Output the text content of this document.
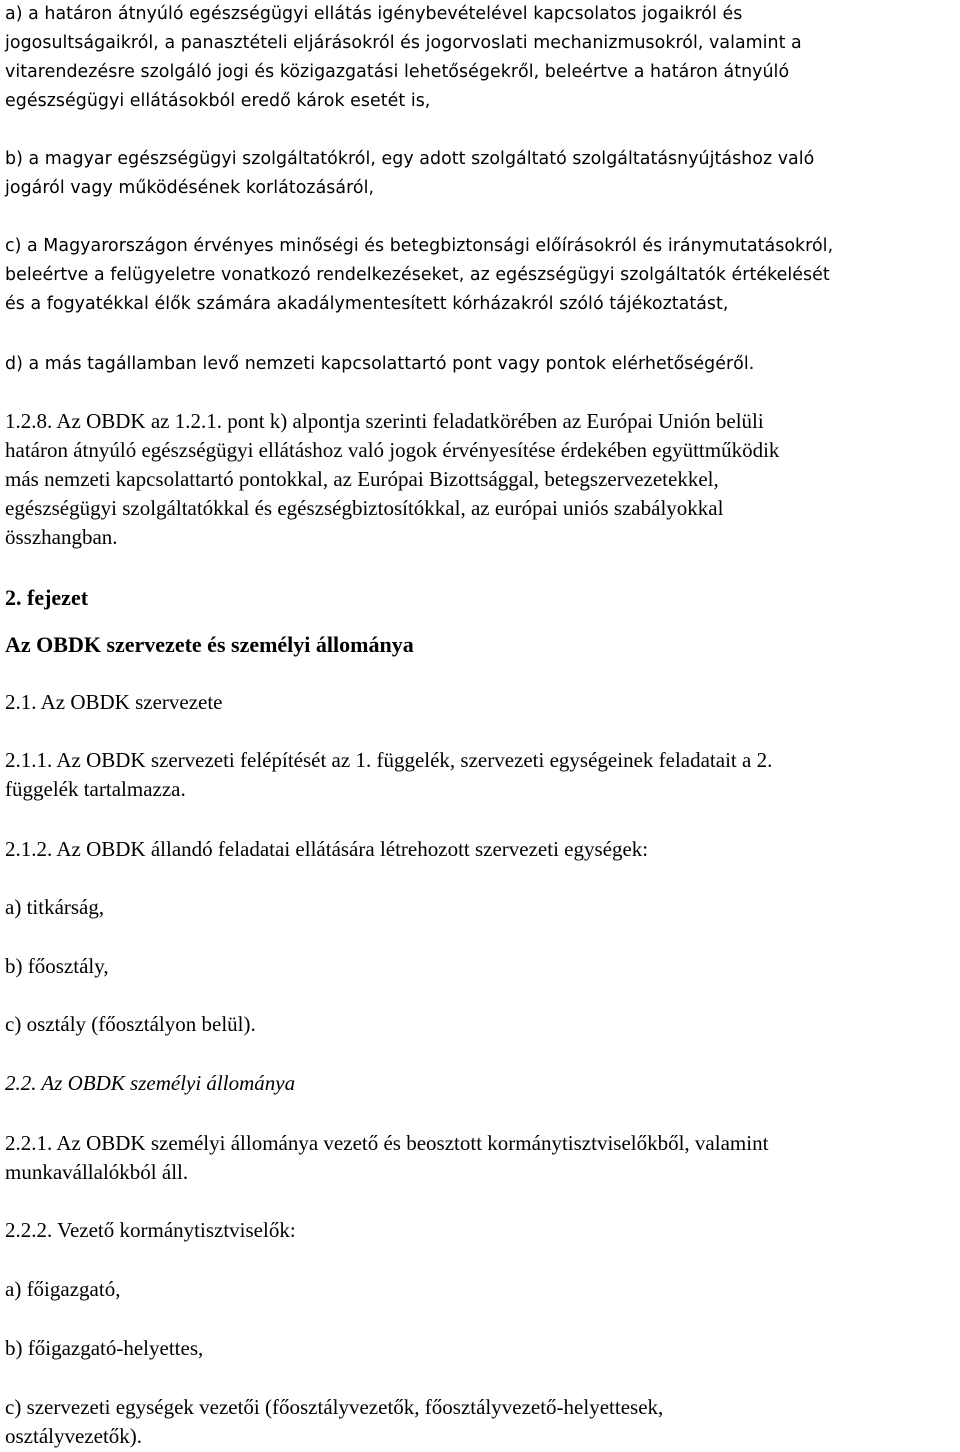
a) a határon átnyúló egészségügyi ellátás igénybevételével kapcsolatos jogaikról és
jogosultságaikról, a panasztételi eljárásokról és jogorvoslati mechanizmusokról, valamint a
vitarendezésre szolgáló jogi és közigazgatási lehetőségekről, beleértve a határon átnyúló
egészségügyi ellátásokból eredő károk esetét is,

b) a magyar egészségügyi szolgáltatókról, egy adott szolgáltató szolgáltatásnyújtáshoz való
jogáról vagy működésének korlátozásáról,

c) a Magyarországon érvényes minőségi és betegbiztonsági előírásokról és iránymutatásokról,
beleértve a felügyeletre vonatkozó rendelkezéseket, az egészségügyi szolgáltatók értékelését
és a fogyatékkal élők számára akadálymentesített kórházakról szóló tájékoztatást,

d) a más tagállamban levő nemzeti kapcsolattartó pont vagy pontok elérhetőségéről.

1.2.8. Az OBDK az 1.2.1. pont k) alpontja szerinti feladatkörében az Európai Unión belüli
határon átnyúló egészségügyi ellátáshoz való jogok érvényesítése érdekében együttműködik
más nemzeti kapcsolattartó pontokkal, az Európai Bizottsággal, betegszervezetekkel,
egészségügyi szolgáltatókkal és egészségbiztosítókkal, az európai uniós szabályokkal
összhangban.

2. fejezet

Az OBDK szervezete és személyi állománya

2.1. Az OBDK szervezete

2.1.1. Az OBDK szervezeti felépítését az 1. függelék, szervezeti egységeinek feladatait a 2.
függelék tartalmazza.

2.1.2. Az OBDK állandó feladatai ellátására létrehozott szervezeti egységek:

a) titkárság,

b) főosztály,

c) osztály (főosztályon belül).

2.2. Az OBDK személyi állománya

2.2.1. Az OBDK személyi állománya vezető és beosztott kormánytisztviselőkből, valamint
munkavállalókból áll.

2.2.2. Vezető kormánytisztviselők:

a) főigazgató,

b) főigazgató-helyettes,

c) szervezeti egységek vezetői (főosztályvezetők, főosztályvezető-helyettesek,
osztályvezetők).
